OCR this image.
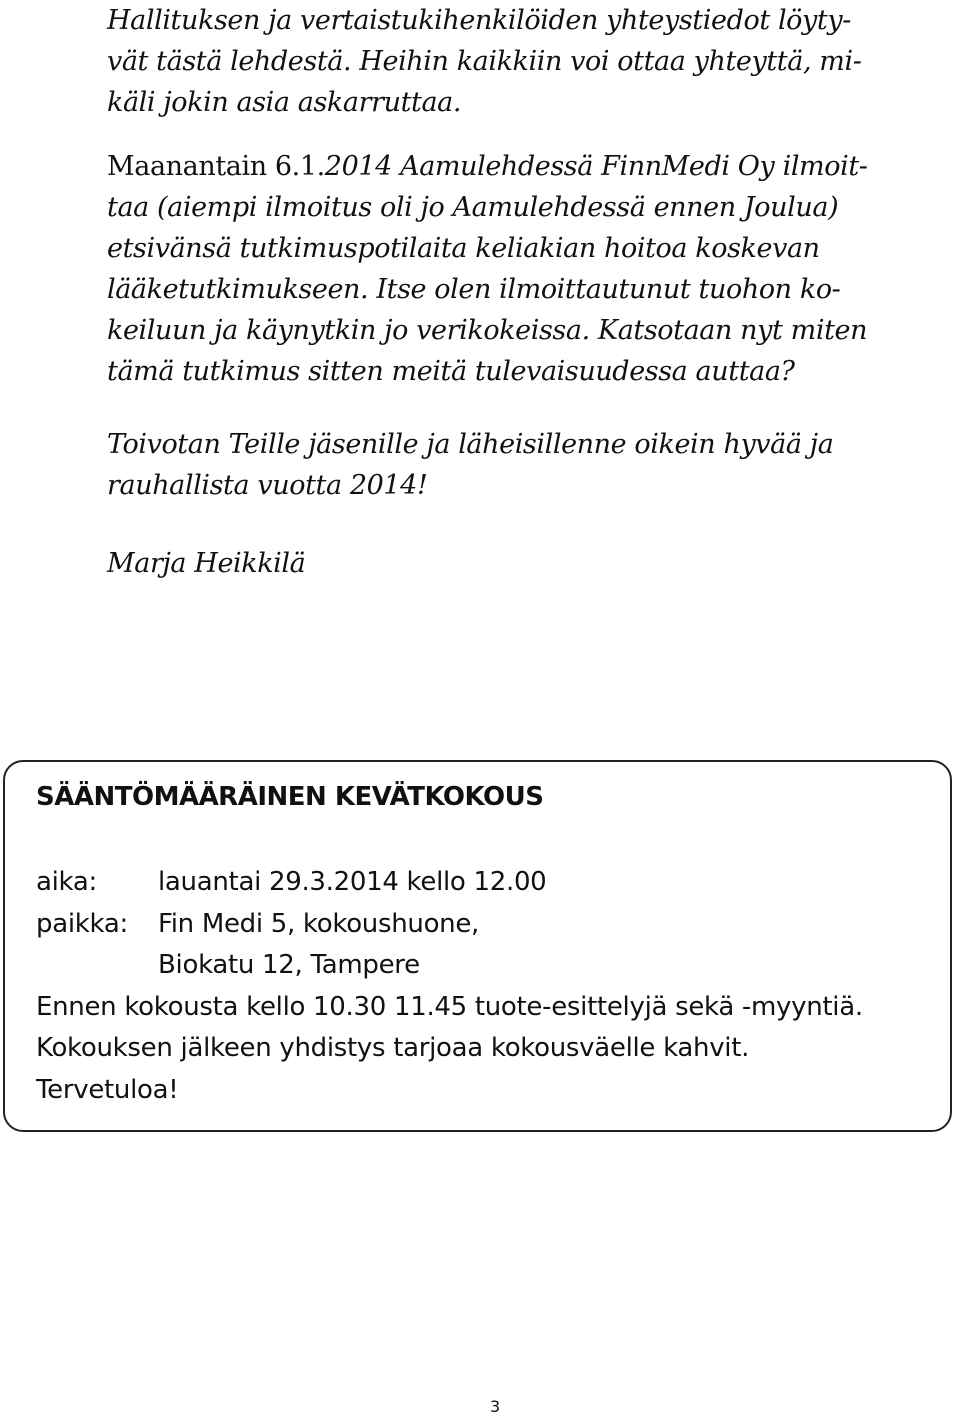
Hallituksen ja vertaistukihenkilöiden yhteystiedot löyty-
vät tästä lehdestä. Heihin kaikkiin voi ottaa yhteyttä, mi-
käli jokin asia askarruttaa.

Maanantain 6.1.2014 Aamulehdessä FinnMedi Oy ilmoit-
taa (aiempi ilmoitus oli jo Aamulehdessä ennen Joulua)
etsivänsä tutkimuspotilaita keliakian hoitoa koskevan
lääketutkimukseen. Itse olen ilmoittautunut tuohon ko-
keiluun ja käynytkin jo verikokeissa. Katsotaan nyt miten
tämä tutkimus sitten meitä tulevaisuudessa auttaa?

Toivotan Teille jäsenille ja läheisillenne oikein hyvää ja
rauhallista vuotta 2014!

Marja Heikkilä

SÄÄNTÖMÄÄRÄINEN KEVÄTKOKOUS
aika: lauantai 29.3.2014 kello 12.00
paikka: Fin Medi 5, kokoushuone,
Biokatu 12, Tampere
Ennen kokousta kello 10.30 11.45 tuote-esittelyjä sekä -myyntiä.
Kokouksen jälkeen yhdistys tarjoaa kokousväelle kahvit.
Tervetuloa!
3
